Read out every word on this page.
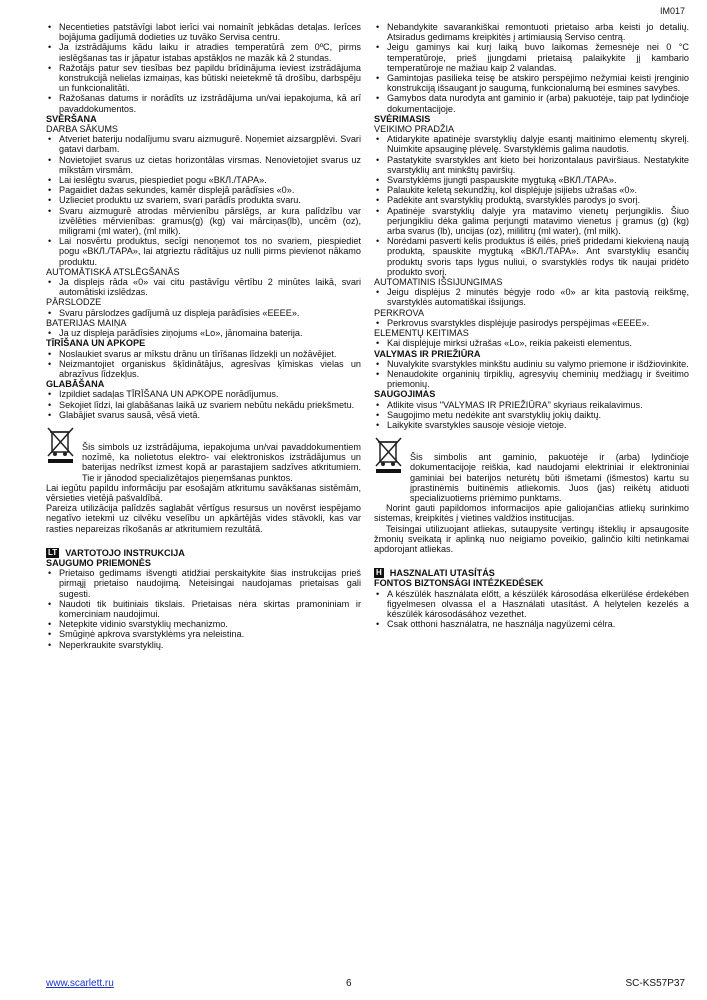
IM017
• Necentieties patstāvīgi labot ierīci vai nomainīt jebkādas detaļas. Ierīces bojājuma gadījumā dodieties uz tuvāko Servisa centru.
• Ja izstrādājums kādu laiku ir atradies temperatūrā zem 0ºC, pirms ieslēgšanas tas ir jāpatur istabas apstākļos ne mazāk kā 2 stundas.
• Ražotājs patur sev tiesības bez papildu brīdinājuma ieviest izstrādājuma konstrukcijā nelielas izmaiņas, kas būtiski neietekmē tā drošību, darbspēju un funkcionalitāti.
• Ražošanas datums ir norādīts uz izstrādājuma un/vai iepakojuma, kā arī pavaddokumentos.
SVĒRŠANA
DARBA SĀKUMS
• Atveriet bateriju nodalījumu svaru aizmugurē. Noņemiet aizsargplēvi. Svari gatavi darbam.
• Novietojiet svarus uz cietas horizontālas virsmas. Nenovietojiet svarus uz mīkstām virsmām.
• Lai ieslēgtu svarus, piespiediet pogu «ВКЛ./ТАРА».
• Pagaidiet dažas sekundes, kamēr displejā parādīsies «0».
• Uzlieciet produktu uz svariem, svari parādīs produkta svaru.
• Svaru aizmugurē atrodas mērvienību pārslēgs, ar kura palīdzību var izvēlēties mērvienības: gramus(g) (kg) vai mārciņas(lb), uncēm (oz), miligrami (ml water), (ml milk).
• Lai nosvērtu produktus, secīgi nenoņemot tos no svariem, piespiediet pogu «ВКЛ./ТАРА», lai atgrieztu rādītājus uz nulli pirms pievienot nākamo produktu.
AUTOMĀTISKĀ ATSLĒGŠANĀS
• Ja displejs rāda «0» vai citu pastāvīgu vērtību 2 minūtes laikā, svari automātiski izslēdzas.
PĀRSLODZE
• Svaru pārslodzes gadījumā uz displeja parādīsies «EEEE».
BATERIJAS MAIŅA
• Ja uz displeja parādīsies ziņojums «Lo», jānomaina baterija.
TĪRĪŠANA UN APKOPE
• Noslaukiet svarus ar mīkstu drānu un tīrīšanas līdzekļi un nožāvējiet.
• Neizmantojiet organiskus šķīdinātājus, agresīvas ķīmiskas vielas un abrazīvus līdzekļus.
GLABĀŠANA
• Izpildiet sadaļas TĪRĪŠANA UN APKOPE norādījumus.
• Sekojiet līdzi, lai glabāšanas laikā uz svariem nebūtu nekādu priekšmetu.
• Glabājiet svarus sausā, vēsā vietā.
Šis simbols uz izstrādājuma, iepakojuma un/vai pavaddokumentiem nozīmē, ka nolietotus elektro- vai elektroniskos izstrādājumus un baterijas nedrīkst izmest kopā ar parastajiem sadzīves atkritumiem. Tie ir jānodod specializētajos pieņemšanas punktos.
Lai iegūtu papildu informāciju par esošajām atkritumu savākšanas sistēmām, vērsieties vietējā pašvaldībā.
Pareiza utilizācija palīdzēs saglabāt vērtīgus resursus un novērst iespējamo negatīvo ietekmi uz cilvēku veselību un apkārtējās vides stāvokli, kas var rasties nepareizas rīkošanās ar atkritumiem rezultātā.
LT VARTOTOJO INSTRUKCIJA
SAUGUMO PRIEMONĖS
• Prietaiso gedimams išvengti atidžiai perskaitykite šias instrukcijas prieš pirmąjį prietaiso naudojimą. Neteisingai naudojamas prietaisas gali sugesti.
• Naudoti tik buitiniais tikslais. Prietaisas nėra skirtas pramoniniam ir komerciniam naudojimui.
• Netepkite vidinio svarstyklių mechanizmo.
• Smūgiņė apkrova svarstyklėms yra neleistina.
• Neperkraukite svarstyklių.
• Nebandykite savarankiškai remontuoti prietaiso arba keisti jo detalių. Atsiradus gedimams kreipkitės į artimiausią Serviso centrą.
• Jeigu gaminys kai kurį laiką buvo laikomas žemesnėje nei 0 °C temperatūroje, prieš įjungdami prietaisą palaikykite jį kambario temperatūroje ne mažiau kaip 2 valandas.
• Gamintojas pasilieka teisę be atskiro perspėjimo nežymiai keisti įrenginio konstrukciją išsaugant jo saugumą, funkcionalumą bei esmines savybes.
• Gamybos data nurodyta ant gaminio ir (arba) pakuotėje, taip pat lydinčioje dokumentacijoje.
SVĖRIMASIS
VEIKIMO PRADŽIA
• Atidarykite apatinėje svarstyklių dalyje esantį maitinimo elementų skyrelį. Nuimkite apsauginę plėvelę. Svarstyklėmis galima naudotis.
• Pastatykite svarstykles ant kieto bei horizontalaus paviršiaus. Nestatykite svarstyklių ant minkštų paviršių.
• Svarstyklėms įjungti paspauskite mygtuką «ВКЛ./ТАРА».
• Palaukite keletą sekundžių, kol displėjuje įsijiebs užrašas «0».
• Padėkite ant svarstyklių produktą, svarstyklės parodys jo svorį.
• Apatinėje svarstyklių dalyje yra matavimo vienetų perjungiklis. Šiuo perjungikliu dėka galima perjungti matavimo vienetus į gramus (g) (kg) arba svarus (lb), uncijas (oz), mililitrų (ml water), (ml milk).
• Norėdami pasverti kelis produktus iš eilės, prieš pridedami kiekvieną naują produktą, spauskite mygtuką «ВКЛ./ТАРА». Ant svarstyklių esančių produktų svoris taps lygus nuliui, o svarstyklės rodys tik naujai pridėto produkto svorį.
AUTOMATINIS IŠSIJUNGIMAS
• Jeigu displėjus 2 minutės bėgyje rodo «0» ar kita pastovią reikšmę, svarstyklės automatiškai išsijungs.
PERKROVA
• Perkrovus svarstykles displėjuje pasirodys perspėjimas «EEEE».
ELEMENTŲ KEITIMAS
• Kai displėjuje mirksi užrašas «Lo», reikia pakeisti elementus.
VALYMAS IR PRIEŽIŪRA
• Nuvalykite svarstykles minkštu audiniu su valymo priemone ir išdžiovinkite.
• Nenaudokite organinių tirpiklių, agresyvių cheminių medžiagų ir šveitimo priemonių.
SAUGOJIMAS
• Atlikite visus "VALYMAS IR PRIEŽIŪRA" skyriaus reikalavimus.
• Saugojimo metu nedėkite ant svarstyklių jokių daiktų.
• Laikykite svarstykles sausoje vėsioje vietoje.
Šis simbolis ant gaminio, pakuotėje ir (arba) lydinčioje dokumentacijoje reiškia, kad naudojami elektriniai ir elektroniniai gaminiai bei baterijos neturėtų būti išmetami (išmestos) kartu su įprastinėmis buitinėmis atliekomis. Juos (jas) reikėtų atiduoti specializuotiems priėmimo punktams.
Norint gauti papildomos informacijos apie galiojančias atliekų surinkimo sistemas, kreipkitės į vietines valdžios institucijas.
Teisingai utilizuojant atliekas, sutaupysite vertingų išteklių ir apsaugosite žmonių sveikatą ir aplinką nuo neigiamo poveikio, galinčio kilti netinkamai apdorojant atliekas.
H HASZNALATI UTASÍTÁS
FONTOS BIZTONSÁGI INTÉZKEDÉSEK
• A készülék használata előtt, a készülék károsodása elkerülése érdekében figyelmesen olvassa el a Használati utasítást. A helytelen kezelés a készülék károsodásához vezethet.
• Csak otthoni használatra, ne használja nagyüzemi célra.
www.scarlett.ru	6	SC-KS57P37
